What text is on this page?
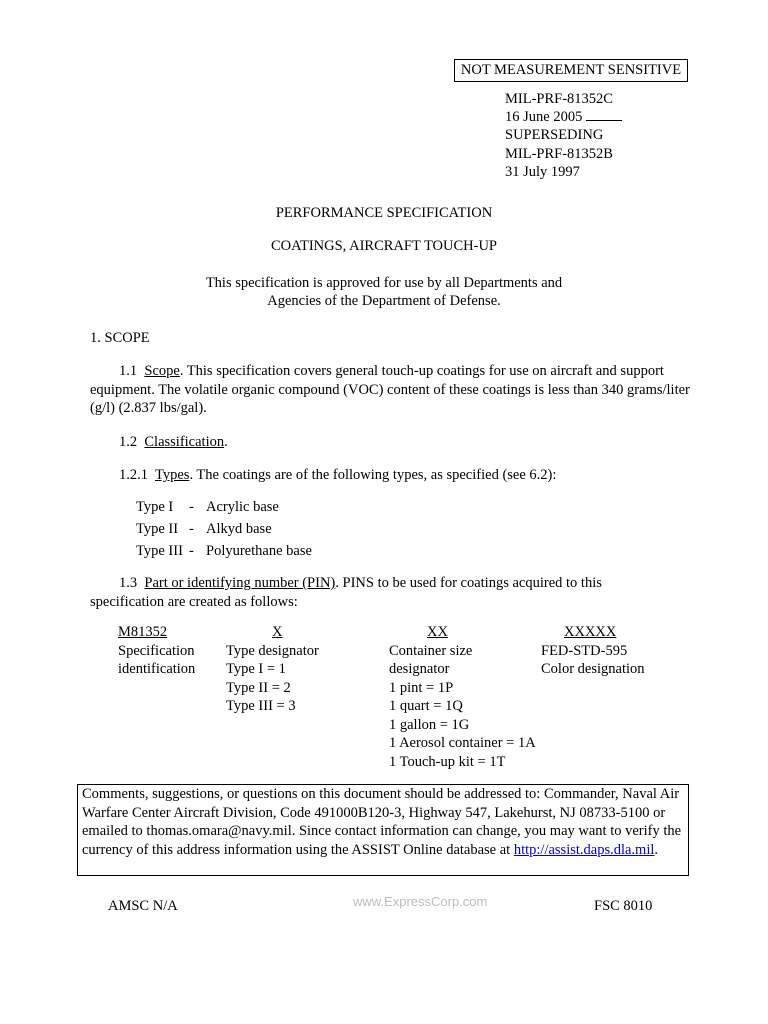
NOT MEASUREMENT SENSITIVE
MIL-PRF-81352C
16 June 2005
SUPERSEDING
MIL-PRF-81352B
31 July 1997
PERFORMANCE SPECIFICATION
COATINGS, AIRCRAFT TOUCH-UP
This specification is approved for use by all Departments and
Agencies of the Department of Defense.
1. SCOPE
1.1 Scope. This specification covers general touch-up coatings for use on aircraft and support equipment. The volatile organic compound (VOC) content of these coatings is less than 340 grams/liter (g/l) (2.837 lbs/gal).
1.2 Classification.
1.2.1 Types. The coatings are of the following types, as specified (see 6.2):
Type I - Acrylic base
Type II - Alkyd base
Type III - Polyurethane base
1.3 Part or identifying number (PIN). PINS to be used for coatings acquired to this
specification are created as follows:
M81352
Specification
identification
X
Type designator
Type I = 1
Type II = 2
Type III = 3
XX
Container size
designator
1 pint = 1P
1 quart = 1Q
1 gallon = 1G
1 Aerosol container = 1A
1 Touch-up kit = 1T
XXXXX
FED-STD-595
Color designation
Comments, suggestions, or questions on this document should be addressed to: Commander, Naval Air Warfare Center Aircraft Division, Code 491000B120-3, Highway 547, Lakehurst, NJ 08733-5100 or emailed to thomas.omara@navy.mil. Since contact information can change, you may want to verify the currency of this address information using the ASSIST Online database at http://assist.daps.dla.mil.
AMSC N/A	www.ExpressCorp.com	FSC 8010
